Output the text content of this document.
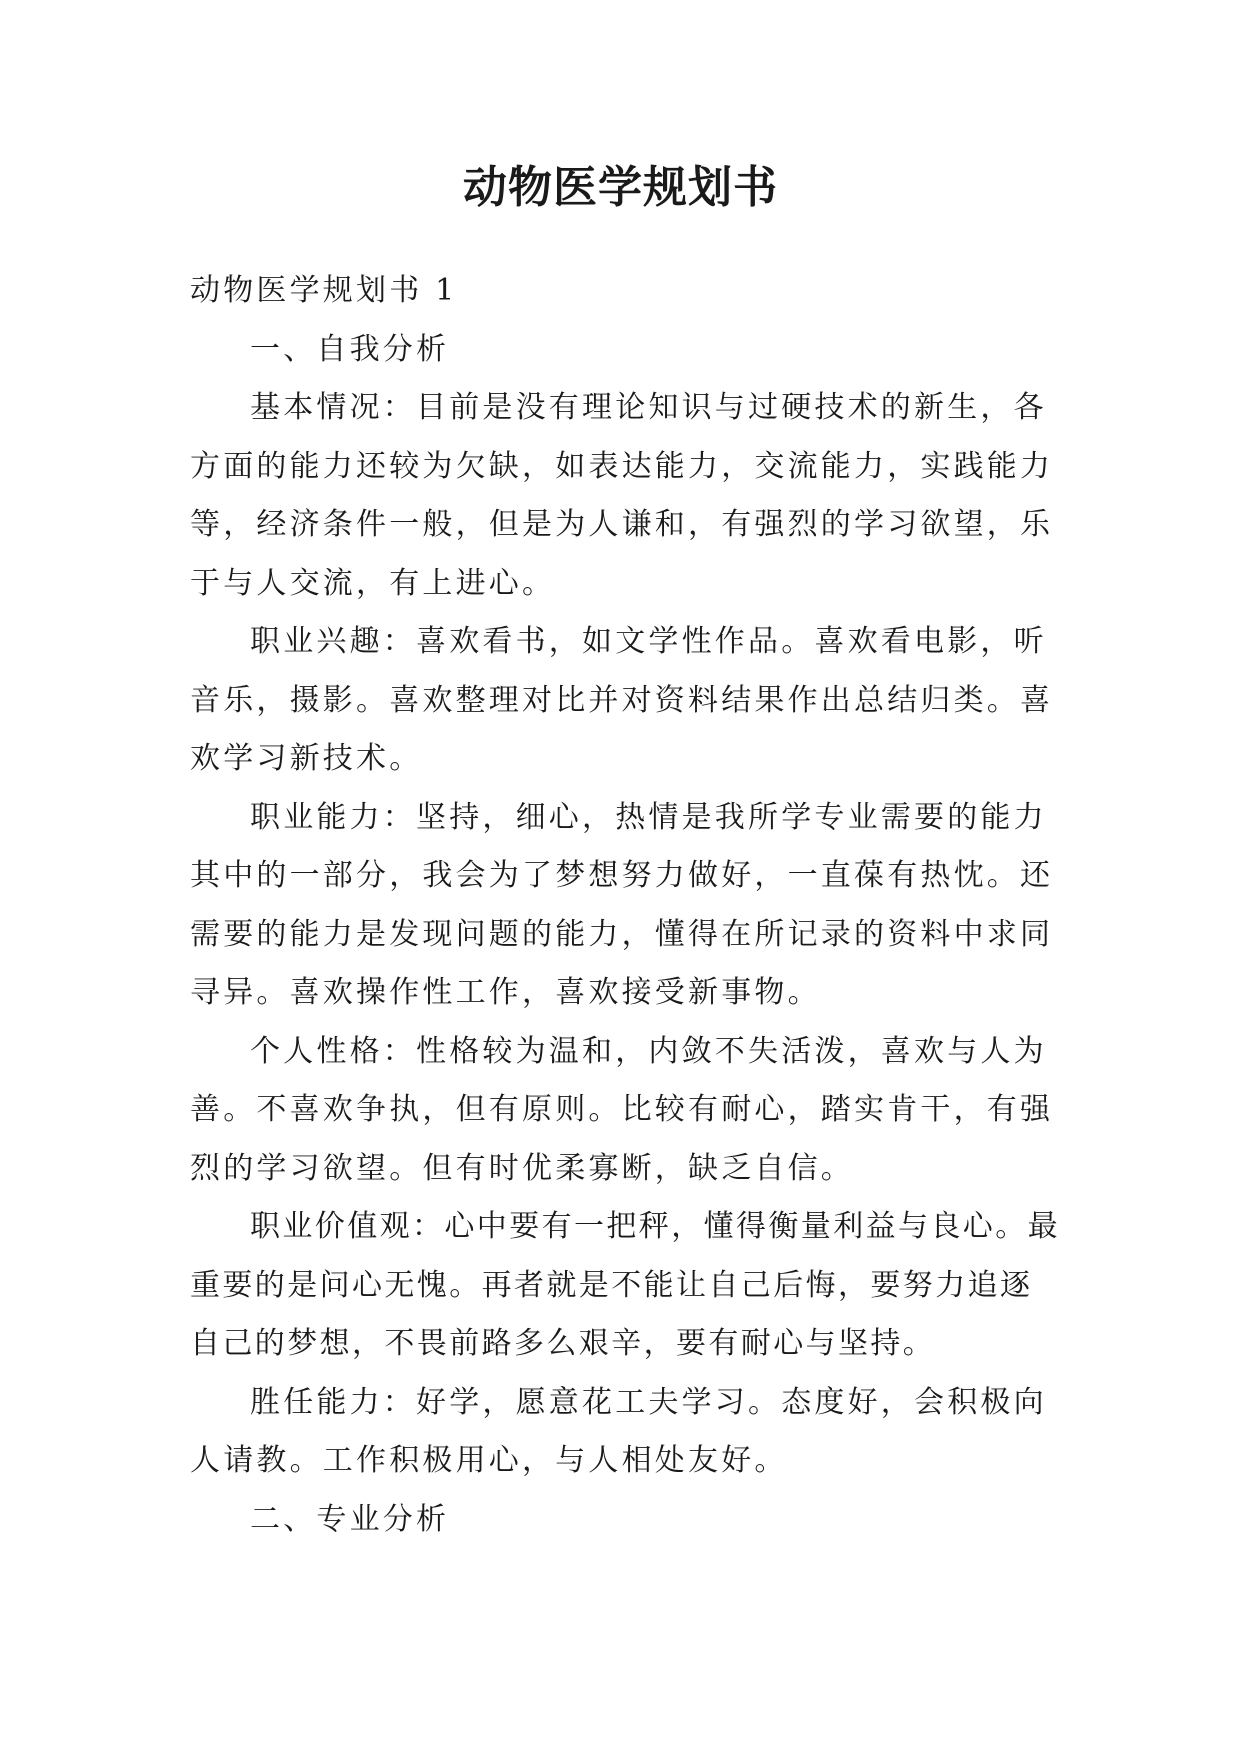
动物医学规划书

动物医学规划书 1

一、自我分析

基本情况：目前是没有理论知识与过硬技术的新生，各方面的能力还较为欠缺，如表达能力，交流能力，实践能力等，经济条件一般，但是为人谦和，有强烈的学习欲望，乐于与人交流，有上进心。

职业兴趣：喜欢看书，如文学性作品。喜欢看电影，听音乐，摄影。喜欢整理对比并对资料结果作出总结归类。喜欢学习新技术。

职业能力：坚持，细心，热情是我所学专业需要的能力其中的一部分，我会为了梦想努力做好，一直葆有热忱。还需要的能力是发现问题的能力，懂得在所记录的资料中求同寻异。喜欢操作性工作，喜欢接受新事物。

个人性格：性格较为温和，内敛不失活泼，喜欢与人为善。不喜欢争执，但有原则。比较有耐心，踏实肯干，有强烈的学习欲望。但有时优柔寡断，缺乏自信。

职业价值观：心中要有一把秤，懂得衡量利益与良心。最重要的是问心无愧。再者就是不能让自己后悔，要努力追逐自己的梦想，不畏前路多么艰辛，要有耐心与坚持。

胜任能力：好学，愿意花工夫学习。态度好，会积极向人请教。工作积极用心，与人相处友好。

二、专业分析
